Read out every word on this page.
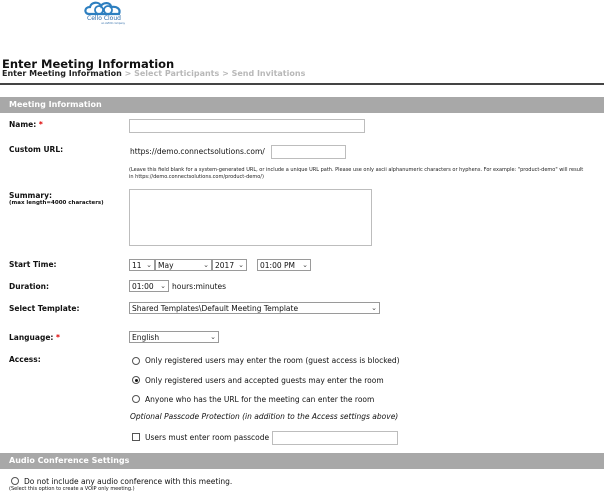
Cello Cloud
an AVIXO company
Enter Meeting Information
Enter Meeting Information > Select Participants > Send Invitations
Meeting Information
Name: *
Custom URL:	https://demo.connectsolutions.com/
(Leave this field blank for a system-generated URL, or include a unique URL path. Please use only ascii alphanumeric characters or hyphens. For example: "product-demo" will result in https://demo.connectsolutions.com/product-demo/)
Summary:
(max length=4000 characters)
Start Time:	11 ⌄ May	⌄ 2017 ⌄	01:00 PM ⌄
Duration:	01:00 ⌄ hours:minutes
Select Template:	Shared Templates\Default Meeting Template	⌄
Language: *	English	⌄
Access:	Only registered users may enter the room (guest access is blocked)
Only registered users and accepted guests may enter the room
Anyone who has the URL for the meeting can enter the room
Optional Passcode Protection (in addition to the Access settings above)
Users must enter room passcode
Audio Conference Settings
Do not include any audio conference with this meeting.
(Select this option to create a VOIP only meeting.)
